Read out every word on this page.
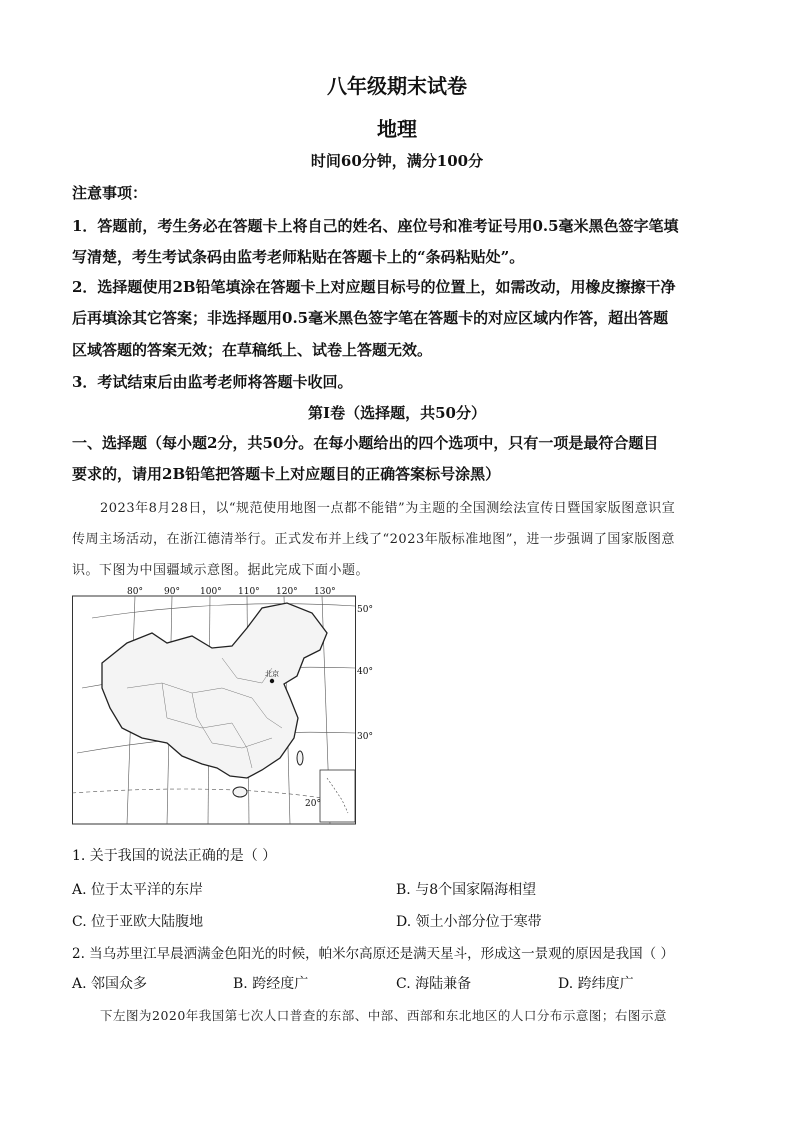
八年级期末试卷
地理
时间60分钟，满分100分
注意事项：
1．答题前，考生务必在答题卡上将自己的姓名、座位号和准考证号用0.5毫米黑色签字笔填
写清楚，考生考试条码由监考老师粘贴在答题卡上的“条码粘贴处”。
2．选择题使用2B铅笔填涂在答题卡上对应题目标号的位置上，如需改动，用橡皮擦擦干净
后再填涂其它答案；非选择题用0.5毫米黑色签字笔在答题卡的对应区域内作答，超出答题
区域答题的答案无效；在草稿纸上、试卷上答题无效。
3．考试结束后由监考老师将答题卡收回。
第Ⅰ卷（选择题，共50分）
一、选择题（每小题2分，共50分。在每小题给出的四个选项中，只有一项是最符合题目
要求的，请用2B铅笔把答题卡上对应题目的正确答案标号涂黑）
2023年8月28日，以“规范使用地图一点都不能错”为主题的全国测绘法宣传日暨国家版图意识宣
传周主场活动，在浙江德清举行。正式发布并上线了“2023年版标准地图”，进一步强调了国家版图意
识。下图为中国疆域示意图。据此完成下面小题。
北京
80° 90° 100° 110° 120° 130°
50°
40°
30°
20°
1. 关于我国的说法正确的是（ ）
A. 位于太平洋的东岸	B. 与8个国家隔海相望
C. 位于亚欧大陆腹地	D. 领土小部分位于寒带
2. 当乌苏里江早晨洒满金色阳光的时候，帕米尔高原还是满天星斗，形成这一景观的原因是我国（ ）
A. 邻国众多	B. 跨经度广	C. 海陆兼备	D. 跨纬度广
下左图为2020年我国第七次人口普查的东部、中部、西部和东北地区的人口分布示意图；右图示意
